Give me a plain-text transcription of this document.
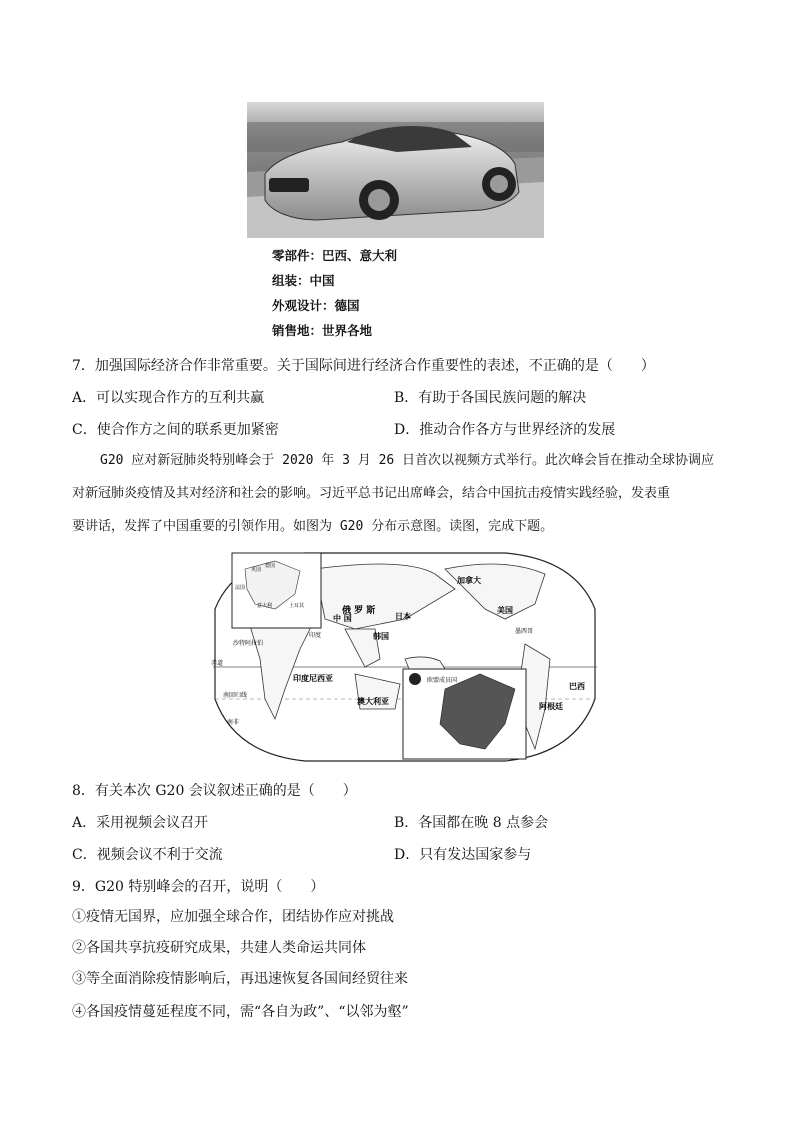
零部件：巴西、意大利
组装：中国
外观设计：德国
销售地：世界各地
7．加强国际经济合作非常重要。关于国际间进行经济合作重要性的表述，不正确的是（　　）
A．可以实现合作方的互利共赢	B．有助于各国民族问题的解决
C．使合作方之间的联系更加紧密	D．推动合作各方与世界经济的发展
G20 应对新冠肺炎特别峰会于 2020 年 3 月 26 日首次以视频方式举行。此次峰会旨在推动全球协调应
对新冠肺炎疫情及其对经济和社会的影响。习近平总书记出席峰会，结合中国抗击疫情实践经验，发表重
要讲话，发挥了中国重要的引领作用。如图为 G20 分布示意图。读图，完成下题。
赤道
南回归线
英国
德国
法国
意大利	土耳其
欧盟成员国
俄 罗 斯
加拿大
美国
墨西哥
中 国	日本
韩国
印度
沙特阿拉伯
印度尼西亚
澳大利亚
南非
巴西
阿根廷
8．有关本次 G20 会议叙述正确的是（　　）
A．采用视频会议召开	B．各国都在晚 8 点参会
C．视频会议不利于交流	D．只有发达国家参与
9．G20 特别峰会的召开，说明（　　）
①疫情无国界，应加强全球合作，团结协作应对挑战
②各国共享抗疫研究成果，共建人类命运共同体
③等全面消除疫情影响后，再迅速恢复各国间经贸往来
④各国疫情蔓延程度不同，需“各自为政”、“以邻为壑”
